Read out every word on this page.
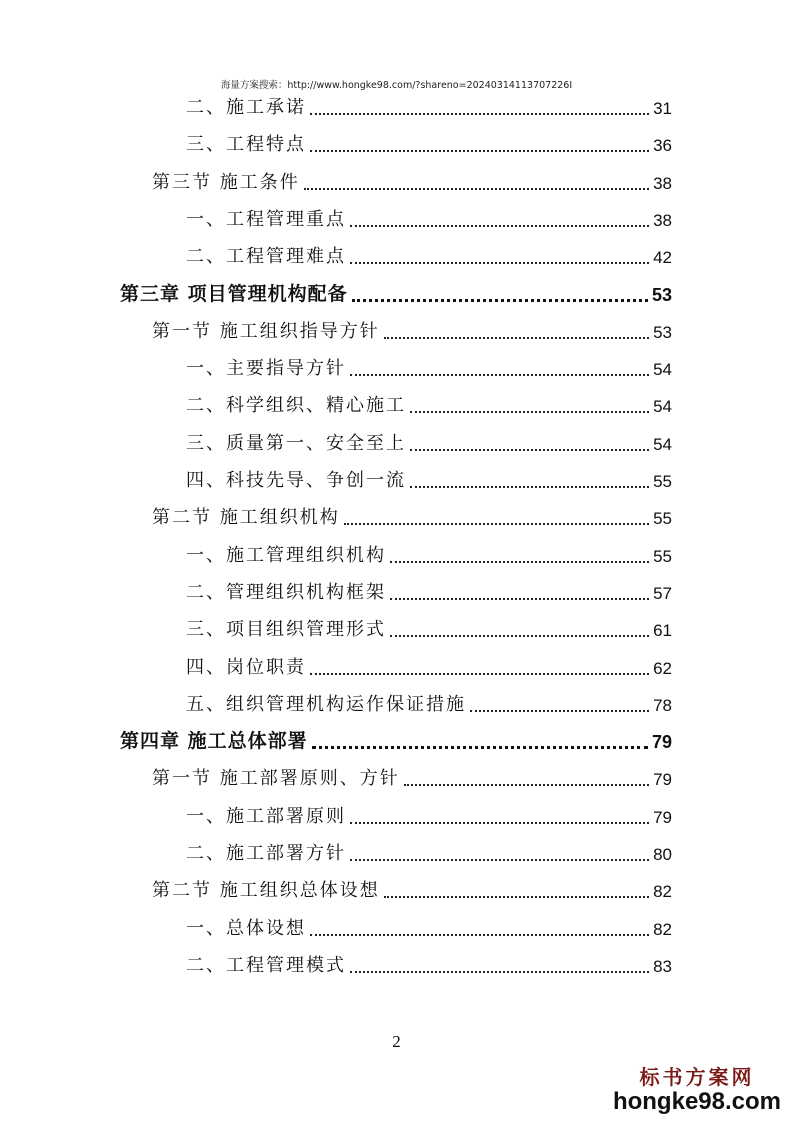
海量方案搜索：http://www.hongke98.com/?shareno=20240314113707226I
二、施工承诺	31
三、工程特点	36
第三节 施工条件	38
一、工程管理重点	38
二、工程管理难点	42
第三章 项目管理机构配备	53
第一节 施工组织指导方针	53
一、主要指导方针	54
二、科学组织、精心施工	54
三、质量第一、安全至上	54
四、科技先导、争创一流	55
第二节 施工组织机构	55
一、施工管理组织机构	55
二、管理组织机构框架	57
三、项目组织管理形式	61
四、岗位职责	62
五、组织管理机构运作保证措施	78
第四章 施工总体部署	79
第一节 施工部署原则、方针	79
一、施工部署原则	79
二、施工部署方针	80
第二节 施工组织总体设想	82
一、总体设想	82
二、工程管理模式	83
2
标书方案网
hongke98.com
